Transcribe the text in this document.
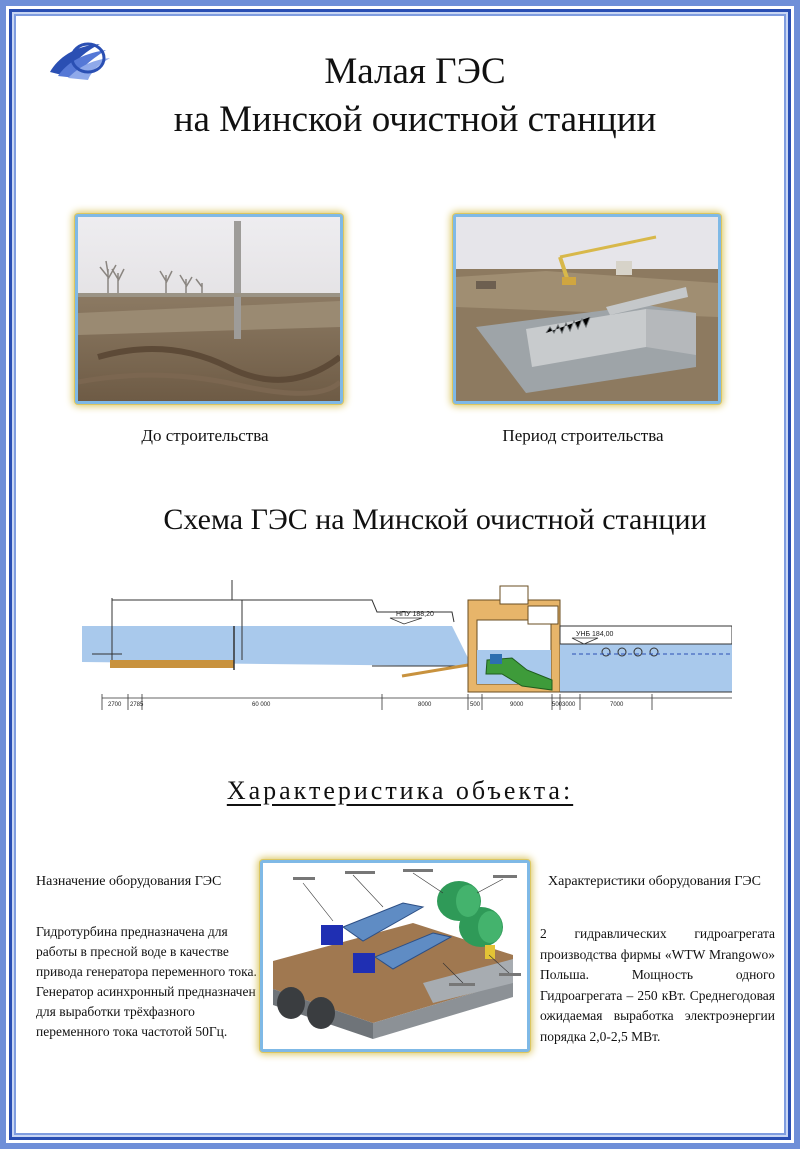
Малая ГЭС
на Минской очистной станции
До строительства	Период строительства
Схема ГЭС на Минской очистной станции
НПУ 188,20
УНБ 184,00
2700 2785	60 000	8000	500	9000	500 3000	7000
Характеристика объекта:
Назначение оборудования ГЭС
Гидротурбина предназначена для работы в пресной воде в качестве привода генератора переменного тока. Генератор асинхронный предназначен для выработки трёхфазного переменного тока частотой 50Гц.
Характеристики оборудования ГЭС
2 гидравлических гидроагрегата производства фирмы «WTW Mrangowo» Польша. Мощность одного Гидроагрегата – 250 кВт. Среднегодовая ожидаемая выработка электроэнергии порядка 2,0-2,5 МВт.
